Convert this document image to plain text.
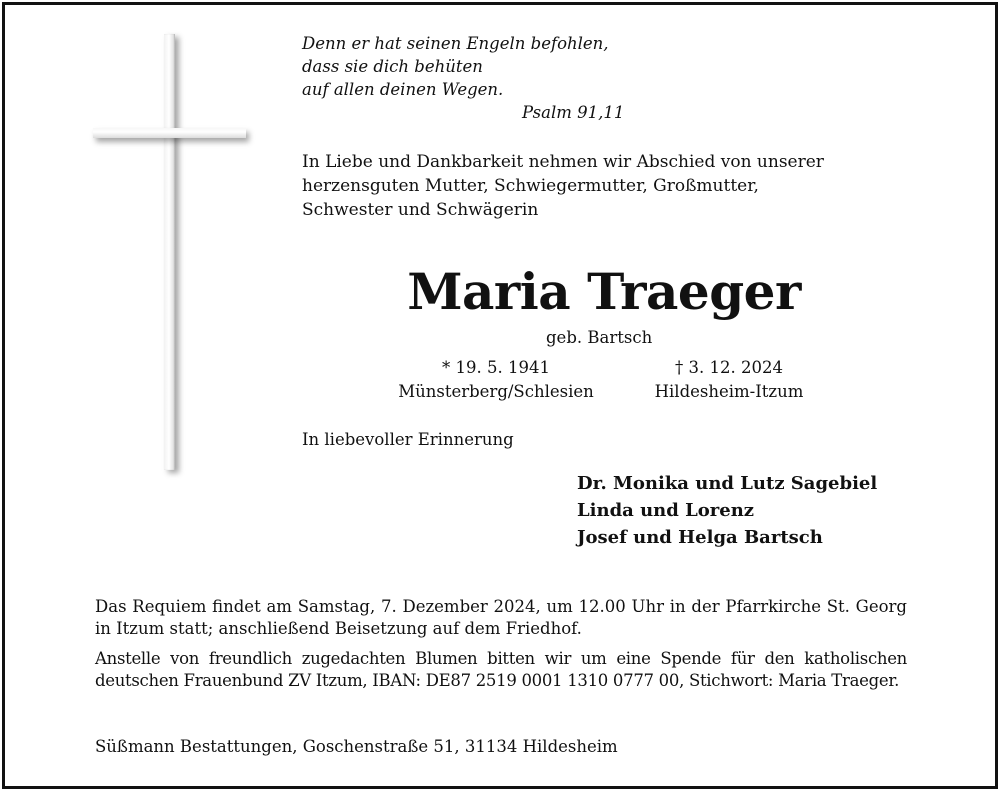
Denn er hat seinen Engeln befohlen,
dass sie dich behüten
auf allen deinen Wegen.
Psalm 91,11
In Liebe und Dankbarkeit nehmen wir Abschied von unserer
herzensguten Mutter, Schwiegermutter, Großmutter,
Schwester und Schwägerin
Maria Traeger
geb. Bartsch
* 19. 5. 1941
Münsterberg/Schlesien
† 3. 12. 2024
Hildesheim-Itzum
In liebevoller Erinnerung
Dr. Monika und Lutz Sagebiel
Linda und Lorenz
Josef und Helga Bartsch
Das Requiem findet am Samstag, 7. Dezember 2024, um 12.00 Uhr in der Pfarrkirche St. Georg in Itzum statt; anschließend Beisetzung auf dem Friedhof.
Anstelle von freundlich zugedachten Blumen bitten wir um eine Spende für den katholischen deutschen Frauenbund ZV Itzum, IBAN: DE87 2519 0001 1310 0777 00, Stichwort: Maria Traeger.
Süßmann Bestattungen, Goschenstraße 51, 31134 Hildesheim
